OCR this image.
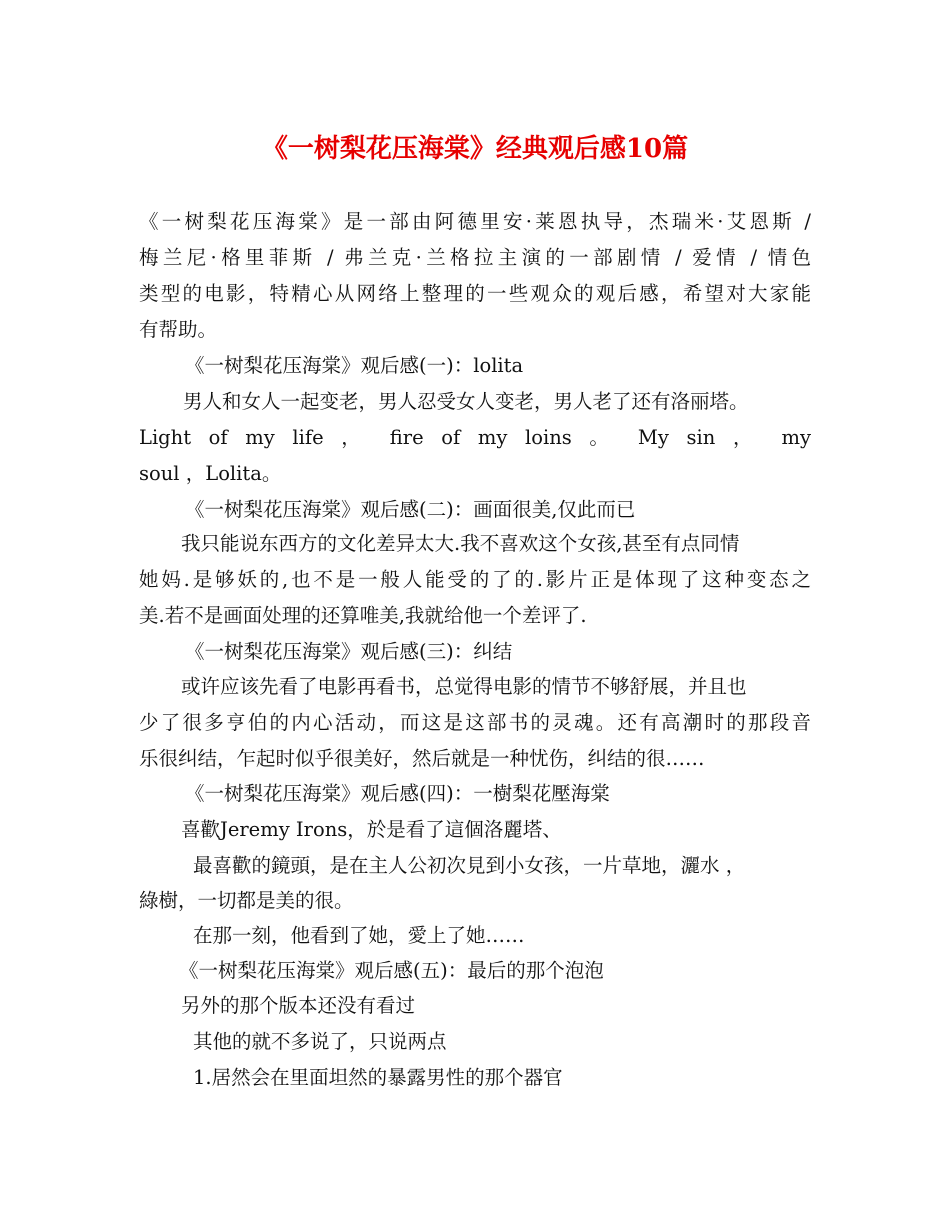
《一树梨花压海棠》经典观后感10篇
《一树梨花压海棠》是一部由阿德里安·莱恩执导，杰瑞米·艾恩斯 /
梅兰尼·格里菲斯 / 弗兰克·兰格拉主演的一部剧情 / 爱情 / 情色
类型的电影，特精心从网络上整理的一些观众的观后感，希望对大家能
有帮助。
《一树梨花压海棠》观后感(一)：lolita
男人和女人一起变老，男人忍受女人变老，男人老了还有洛丽塔。
Light of my life ， fire of my loins 。 My sin ， my
soul ，Lolita。
《一树梨花压海棠》观后感(二)：画面很美,仅此而已
我只能说东西方的文化差异太大.我不喜欢这个女孩,甚至有点同情
她妈.是够妖的,也不是一般人能受的了的.影片正是体现了这种变态之
美.若不是画面处理的还算唯美,我就给他一个差评了.
《一树梨花压海棠》观后感(三)：纠结
或许应该先看了电影再看书，总觉得电影的情节不够舒展，并且也
少了很多亨伯的内心活动，而这是这部书的灵魂。还有高潮时的那段音
乐很纠结，乍起时似乎很美好，然后就是一种忧伤，纠结的很……
《一树梨花压海棠》观后感(四)：一樹梨花壓海棠
喜歡Jeremy Irons，於是看了這個洛麗塔、
最喜歡的鏡頭，是在主人公初次見到小女孩，一片草地，灑水 ，
綠樹，一切都是美的很。
在那一刻，他看到了她，愛上了她……
《一树梨花压海棠》观后感(五)：最后的那个泡泡
另外的那个版本还没有看过
其他的就不多说了，只说两点
1.居然会在里面坦然的暴露男性的那个器官
